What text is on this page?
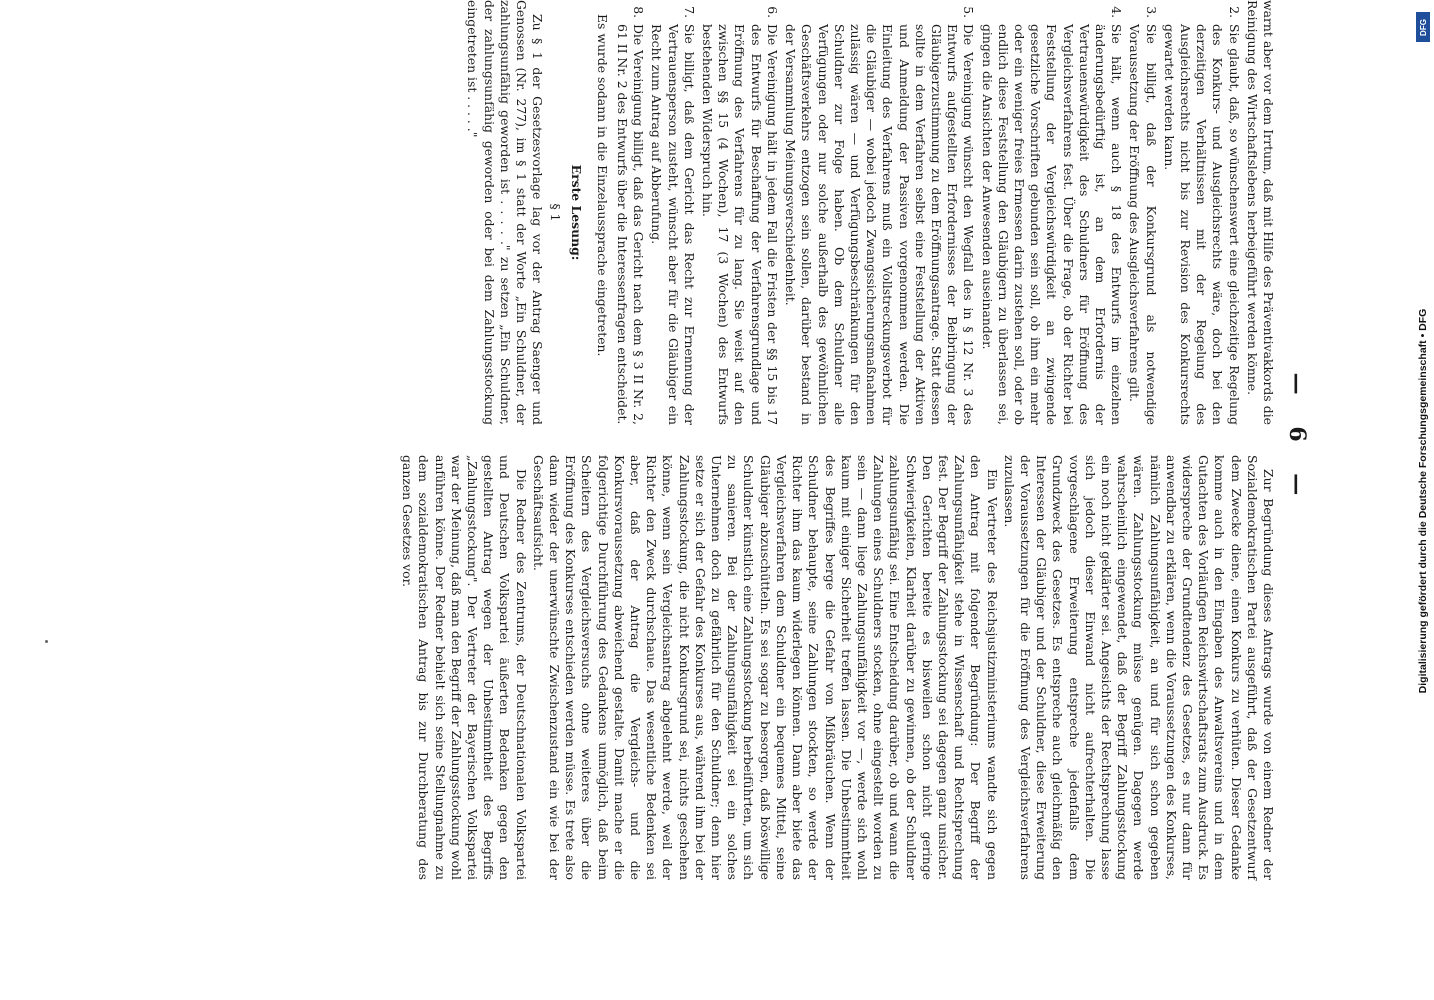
— 6 —

warnt aber vor dem Irrtum, daß mit Hilfe des Präventivakkords die Reinigung des Wirtschaftslebens herbeigeführt werden könne.

2. Sie glaubt, daß, so wünschenswert eine gleichzeitige Regelung des Konkurs- und Ausgleichsrechts wäre, doch bei den derzeitigen Verhältnissen mit der Regelung des Ausgleichsrechts nicht bis zur Revision des Konkursrechts gewartet werden kann.
3. Sie billigt, daß der Konkursgrund als notwendige Voraussetzung der Eröffnung des Ausgleichsverfahrens gilt.
4. Sie hält, wenn auch § 18 des Entwurfs im einzelnen änderungsbedürftig ist, an dem Erfordernis der Vertrauenswürdigkeit des Schuldners für Eröffnung des Vergleichsverfahrens fest. Über die Frage, ob der Richter bei Feststellung der Vergleichswürdigkeit an zwingende gesetzliche Vorschriften gebunden sein soll, ob ihm ein mehr oder ein weniger freies Ermessen darin zustehen soll, oder ob endlich diese Feststellung den Gläubigern zu überlassen sei, gingen die Ansichten der Anwesenden auseinander.
5. Die Vereinigung wünscht den Wegfall des in § 12 Nr. 3 des Entwurfs aufgestellten Erfordernisses der Beibringung der Gläubigerzustimmung zu dem Eröffnungsantrage. Statt dessen sollte in dem Verfahren selbst eine Feststellung der Aktiven und Anmeldung der Passiven vorgenommen werden. Die Einleitung des Verfahrens muß ein Vollstreckungsverbot für die Gläubiger — wobei jedoch Zwangssicherungsmaßnahmen zulässig wären — und Verfügungsbeschränkungen für den Schuldner zur Folge haben. Ob dem Schuldner alle Verfügungen oder nur solche außerhalb des gewöhnlichen Geschäftsverkehrs entzogen sein sollen, darüber bestand in der Versammlung Meinungsverschiedenheit.
6. Die Vereinigung hält in jedem Fall die Fristen der §§ 15 bis 17 des Entwurfs für Beschaffung der Verfahrensgrundlage und Eröffnung des Verfahrens für zu lang. Sie weist auf den zwischen §§ 15 (4 Wochen), 17 (3 Wochen) des Entwurfs bestehenden Widerspruch hin.
7. Sie billigt, daß dem Gericht das Recht zur Ernennung der Vertrauensperson zusteht, wünscht aber für die Gläubiger ein Recht zum Antrag auf Abberufung.
8. Die Vereinigung billigt, daß das Gericht nach dem § 3 II Nr. 2, 61 II Nr. 2 des Entwurfs über die Interessenfragen entscheidet.

Es wurde sodann in die Einzelaussprache eingetreten.

Erste Lesung:

§ 1

Zu § 1 der Gesetzesvorlage lag vor der Antrag Saenger und Genossen (Nr. 277), im § 1 statt der Worte „Ein Schuldner, der zahlungsunfähig geworden ist . . . . ." zu setzen „Ein Schuldner, der zahlungsunfähig geworden oder bei dem Zahlungsstockung eingetreten ist . . . . ."

Zur Begründung dieses Antrags wurde von einem Redner der Sozialdemokratischen Partei ausgeführt, daß der Gesetzentwurf dem Zwecke diene, einen Konkurs zu verhüten. Dieser Gedanke komme auch in den Eingaben des Anwaltsvereins und in dem Gutachten des Vorläufigen Reichswirtschaftsrats zum Ausdruck. Es widerspreche der Grundtendenz des Gesetzes, es nur dann für anwendbar zu erklären, wenn die Voraussetzungen des Konkurses, nämlich Zahlungsunfähigkeit, an und für sich schon gegeben wären. Zahlungsstockung müsse genügen. Dagegen werde wahrscheinlich eingewendet, daß der Begriff Zahlungsstockung ein noch nicht geklärter sei. Angesichts der Rechtsprechung lasse sich jedoch dieser Einwand nicht aufrechterhalten. Die vorgeschlagene Erweiterung entspreche jedenfalls dem Grundzweck des Gesetzes. Es entspreche auch gleichmäßig den Interessen der Gläubiger und der Schuldner, diese Erweiterung der Voraussetzungen für die Eröffnung des Vergleichsverfahrens zuzulassen.

Ein Vertreter des Reichsjustizministeriums wandte sich gegen den Antrag mit folgender Begründung: Der Begriff der Zahlungsunfähigkeit stehe in Wissenschaft und Rechtsprechung fest. Der Begriff der Zahlungsstockung sei dagegen ganz unsicher. Den Gerichten bereite es bisweilen schon nicht geringe Schwierigkeiten, Klarheit darüber zu gewinnen, ob der Schuldner zahlungsunfähig sei. Eine Entscheidung darüber, ob und wann die Zahlungen eines Schuldners stocken, ohne eingestellt worden zu sein — dann liege Zahlungsunfähigkeit vor —, werde sich wohl kaum mit einiger Sicherheit treffen lassen. Die Unbestimmtheit des Begriffes berge die Gefahr von Mißbräuchen. Wenn der Schuldner behaupte, seine Zahlungen stockten, so werde der Richter ihm das kaum widerlegen können. Dann aber biete das Vergleichsverfahren dem Schuldner ein bequemes Mittel, seine Gläubiger abzuschütteln. Es sei sogar zu besorgen, daß böswillige Schuldner künstlich eine Zahlungsstockung herbeiführten, um sich zu sanieren. Bei der Zahlungsunfähigkeit sei ein solches Unternehmen doch zu gefährlich für den Schuldner; denn hier setze er sich der Gefahr des Konkurses aus, während ihm bei der Zahlungsstockung, die nicht Konkursgrund sei, nichts geschehen könne, wenn sein Vergleichsantrag abgelehnt werde, weil der Richter den Zweck durchschaue. Das wesentliche Bedenken sei aber, daß der Antrag die Vergleichs- und die Konkursvoraussetzung abweichend gestalte. Damit mache er die folgerichtige Durchführung des Gedankens unmöglich, daß beim Scheitern des Vergleichsversuchs ohne weiteres über die Eröffnung des Konkurses entschieden werden müsse. Es trete also dann wieder der unerwünschte Zwischenzustand ein wie bei der Geschäftsaufsicht.

Die Redner des Zentrums, der Deutschnationalen Volkspartei und Deutschen Volkspartei äußerten Bedenken gegen den gestellten Antrag wegen der Unbestimmtheit des Begriffs „Zahlungsstockung". Der Vertreter der Bayerischen Volkspartei war der Meinung, daß man den Begriff der Zahlungsstockung wohl anführen könne. Der Redner behielt sich seine Stellungnahme zu dem sozialdemokratischen Antrag bis zur Durchberatung des ganzen Gesetzes vor.

DFG
Digitalisierung gefördert durch die Deutsche Forschungsgemeinschaft • DFG
